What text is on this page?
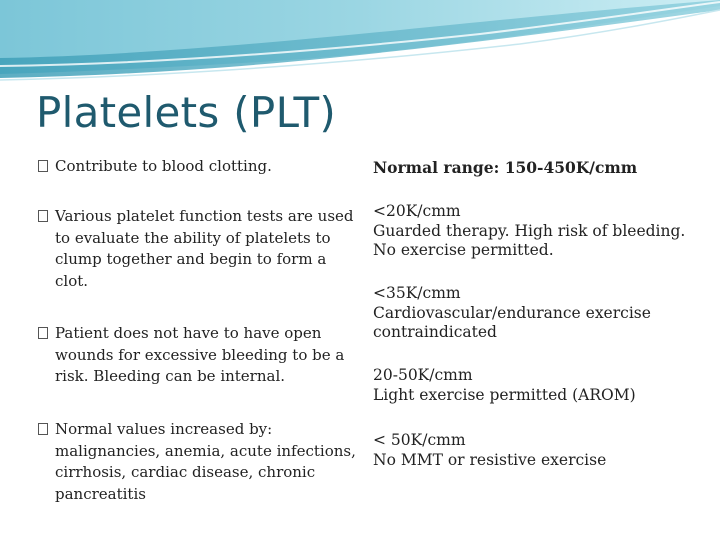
Platelets (PLT)
Contribute to blood clotting.
Various platelet function tests are used to evaluate the ability of platelets to clump together and begin to form a clot.
Patient does not have to have open wounds for excessive bleeding to be a risk. Bleeding can be internal.
Normal values increased by: malignancies, anemia, acute infections, cirrhosis, cardiac disease, chronic pancreatitis
Normal range: 150-450K/cmm
<20K/cmm
Guarded therapy. High risk of bleeding.
No exercise permitted.
<35K/cmm
Cardiovascular/endurance exercise
contraindicated
20-50K/cmm
Light exercise permitted (AROM)
< 50K/cmm
No MMT or resistive exercise
